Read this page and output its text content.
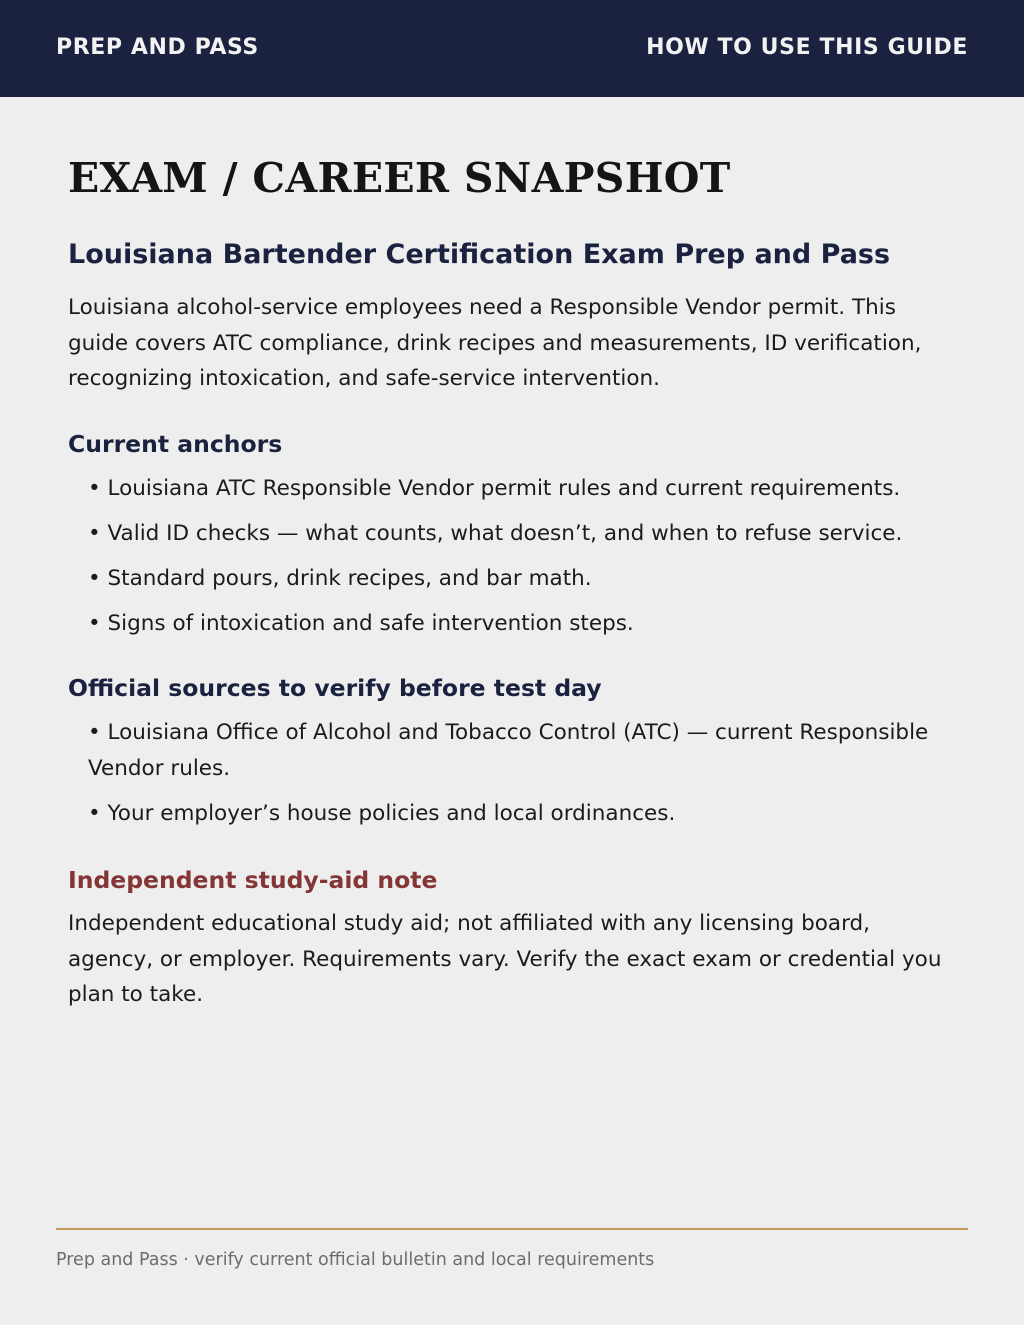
PREP AND PASS	HOW TO USE THIS GUIDE
EXAM / CAREER SNAPSHOT
Louisiana Bartender Certification Exam Prep and Pass

Louisiana alcohol-service employees need a Responsible Vendor permit. This guide covers ATC compliance, drink recipes and measurements, ID verification, recognizing intoxication, and safe-service intervention.

Current anchors
• Louisiana ATC Responsible Vendor permit rules and current requirements.
• Valid ID checks — what counts, what doesn’t, and when to refuse service.
• Standard pours, drink recipes, and bar math.
• Signs of intoxication and safe intervention steps.
Official sources to verify before test day
• Louisiana Office of Alcohol and Tobacco Control (ATC) — current Responsible Vendor rules.
• Your employer’s house policies and local ordinances.
Independent study-aid note

Independent educational study aid; not affiliated with any licensing board, agency, or employer. Requirements vary. Verify the exact exam or credential you plan to take.

Prep and Pass · verify current official bulletin and local requirements
